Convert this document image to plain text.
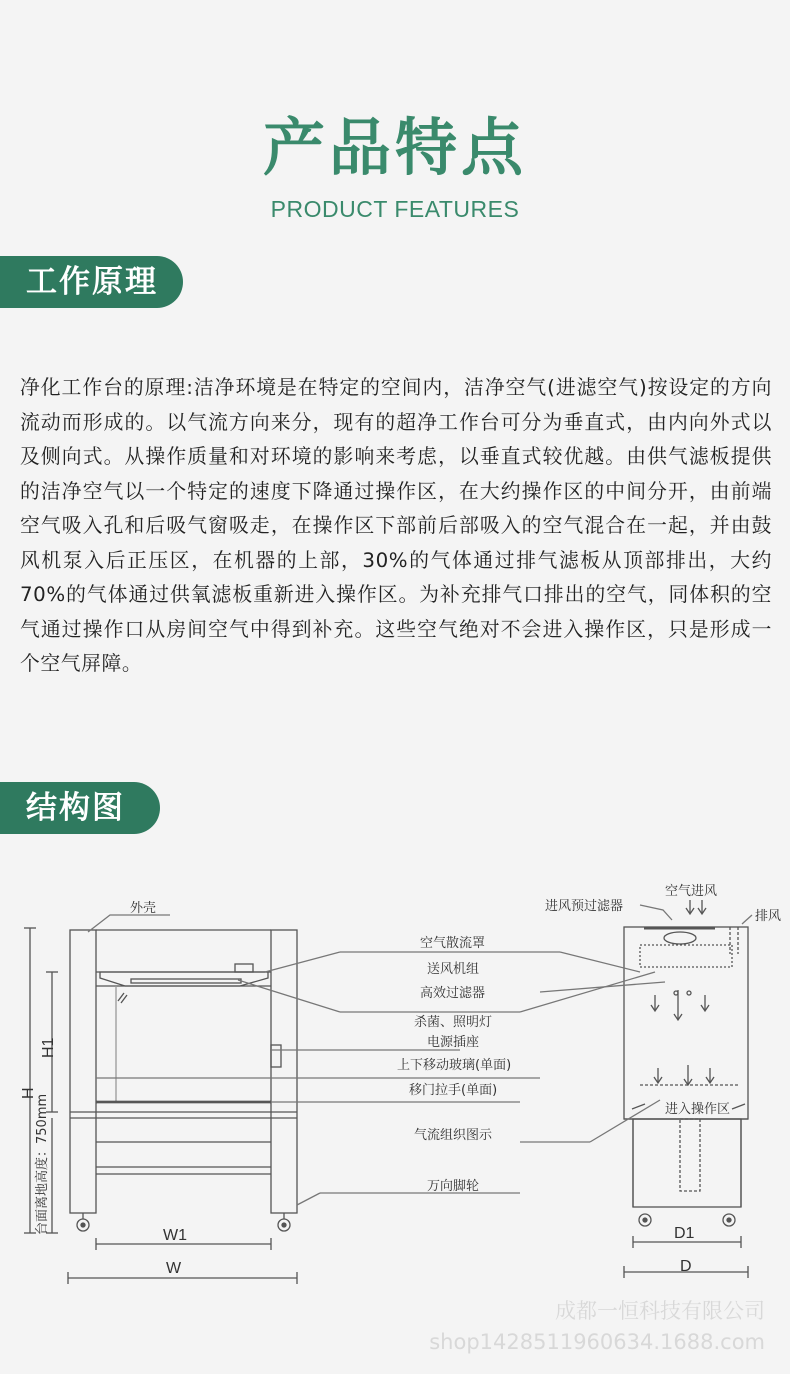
产品特点
PRODUCT FEATURES
工作原理

净化工作台的原理:洁净环境是在特定的空间内，洁净空气(进滤空气)按设定的方向流动而形成的。以气流方向来分，现有的超净工作台可分为垂直式，由内向外式以及侧向式。从操作质量和对环境的影响来考虑，以垂直式较优越。由供气滤板提供的洁净空气以一个特定的速度下降通过操作区，在大约操作区的中间分开，由前端空气吸入孔和后吸气窗吸走，在操作区下部前后部吸入的空气混合在一起，并由鼓风机泵入后正压区，在机器的上部，30%的气体通过排气滤板从顶部排出，大约70%的气体通过供氧滤板重新进入操作区。为补充排气口排出的空气，同体积的空气通过操作口从房间空气中得到补充。这些空气绝对不会进入操作区，只是形成一个空气屏障。

结构图
外壳
H
H1
台面离地高度：750mm
W1
W
D1
D
进风预过滤器
空气进风
排风
进入操作区
空气散流罩
送风机组
高效过滤器
杀菌、照明灯
电源插座
上下移动玻璃(单面)
移门拉手(单面)
气流组织图示
万向脚轮
成都一恒科技有限公司
shop1428511960634.1688.com
